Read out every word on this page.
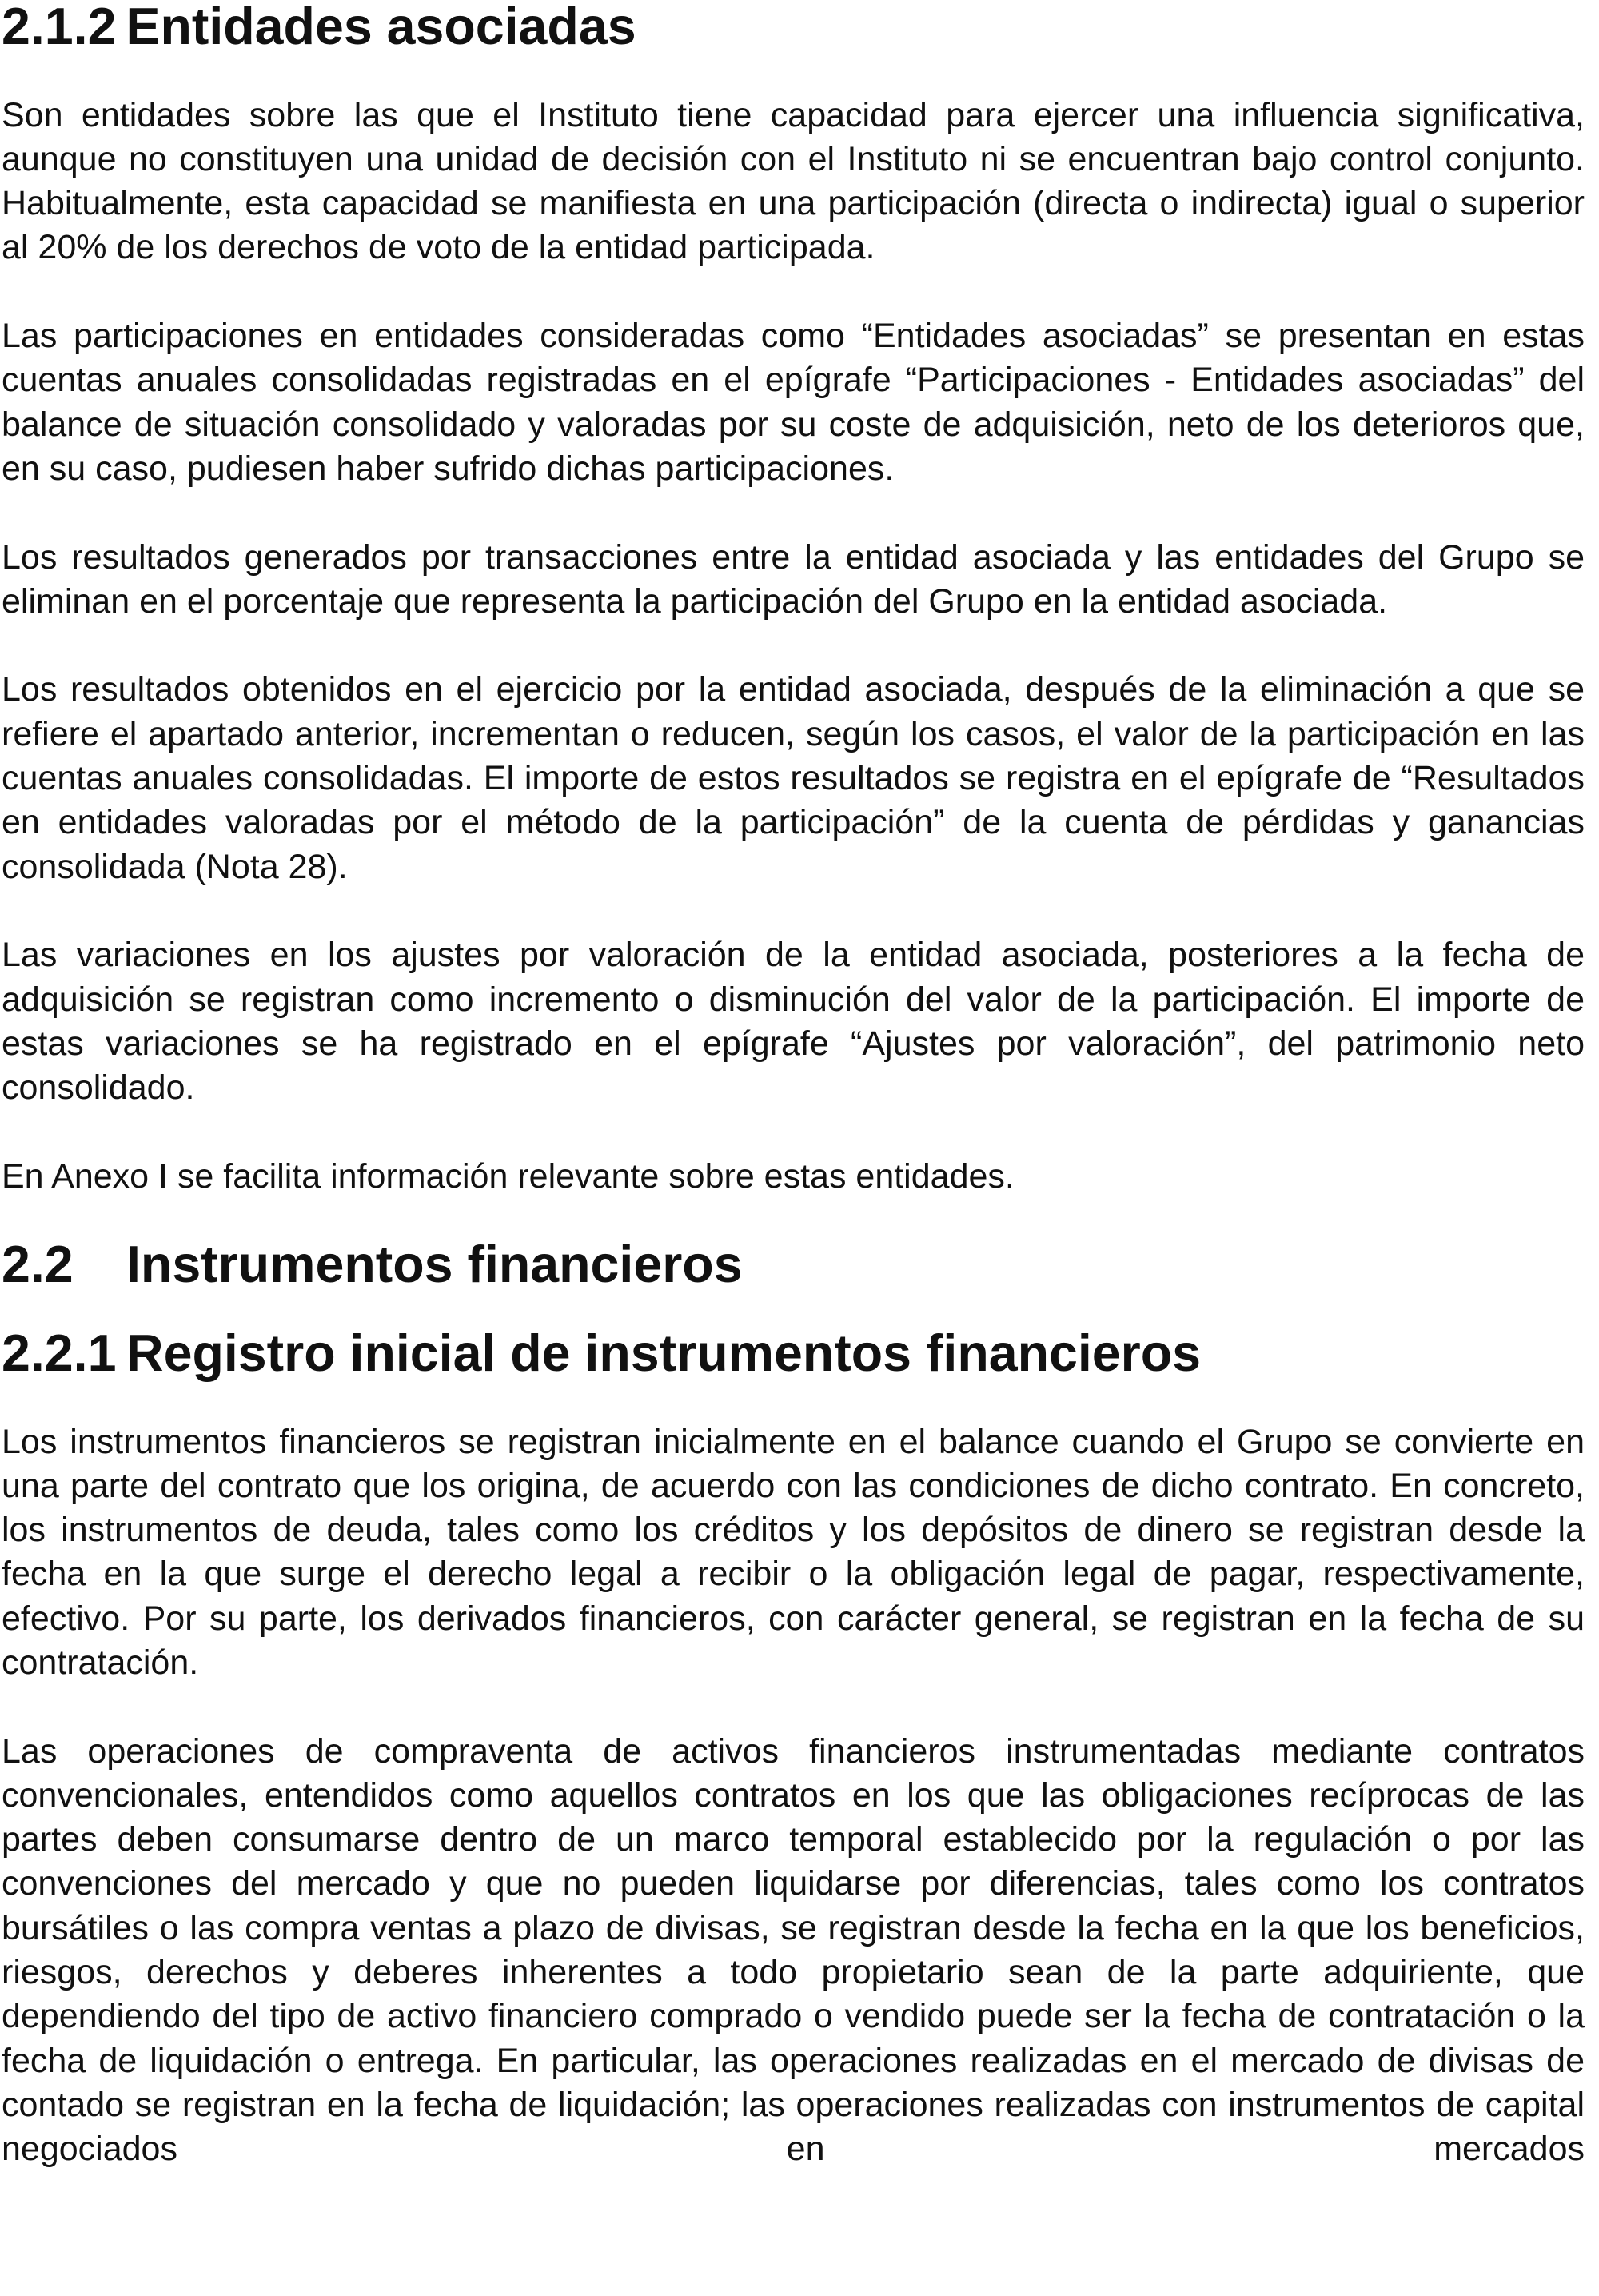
2.1.2 Entidades asociadas

Son entidades sobre las que el Instituto tiene capacidad para ejercer una influencia significativa, aunque no constituyen una unidad de decisión con el Instituto ni se encuentran bajo control conjunto. Habitualmente, esta capacidad se manifiesta en una participación (directa o indirecta) igual o superior al 20% de los derechos de voto de la entidad participada.

Las participaciones en entidades consideradas como “Entidades asociadas” se presentan en estas cuentas anuales consolidadas registradas en el epígrafe “Participaciones - Entidades asociadas” del balance de situación consolidado y valoradas por su coste de adquisición, neto de los deterioros que, en su caso, pudiesen haber sufrido dichas participaciones.

Los resultados generados por transacciones entre la entidad asociada y las entidades del Grupo se eliminan en el porcentaje que representa la participación del Grupo en la entidad asociada.

Los resultados obtenidos en el ejercicio por la entidad asociada, después de la eliminación a que se refiere el apartado anterior, incrementan o reducen, según los casos, el valor de la participación en las cuentas anuales consolidadas. El importe de estos resultados se registra en el epígrafe de “Resultados en entidades valoradas por el método de la participación” de la cuenta de pérdidas y ganancias consolidada (Nota 28).

Las variaciones en los ajustes por valoración de la entidad asociada, posteriores a la fecha de adquisición se registran como incremento o disminución del valor de la participación. El importe de estas variaciones se ha registrado en el epígrafe “Ajustes por valoración”, del patrimonio neto consolidado.

En Anexo I se facilita información relevante sobre estas entidades.

2.2 Instrumentos financieros
2.2.1 Registro inicial de instrumentos financieros

Los instrumentos financieros se registran inicialmente en el balance cuando el Grupo se convierte en una parte del contrato que los origina, de acuerdo con las condiciones de dicho contrato. En concreto, los instrumentos de deuda, tales como los créditos y los depósitos de dinero se registran desde la fecha en la que surge el derecho legal a recibir o la obligación legal de pagar, respectivamente, efectivo. Por su parte, los derivados financieros, con carácter general, se registran en la fecha de su contratación.

Las operaciones de compraventa de activos financieros instrumentadas mediante contratos convencionales, entendidos como aquellos contratos en los que las obligaciones recíprocas de las partes deben consumarse dentro de un marco temporal establecido por la regulación o por las convenciones del mercado y que no pueden liquidarse por diferencias, tales como los contratos bursátiles o las compra ventas a plazo de divisas, se registran desde la fecha en la que los beneficios, riesgos, derechos y deberes inherentes a todo propietario sean de la parte adquiriente, que dependiendo del tipo de activo financiero comprado o vendido puede ser la fecha de contratación o la fecha de liquidación o entrega. En particular, las operaciones realizadas en el mercado de divisas de contado se registran en la fecha de liquidación; las operaciones realizadas con instrumentos de capital negociados en mercados
